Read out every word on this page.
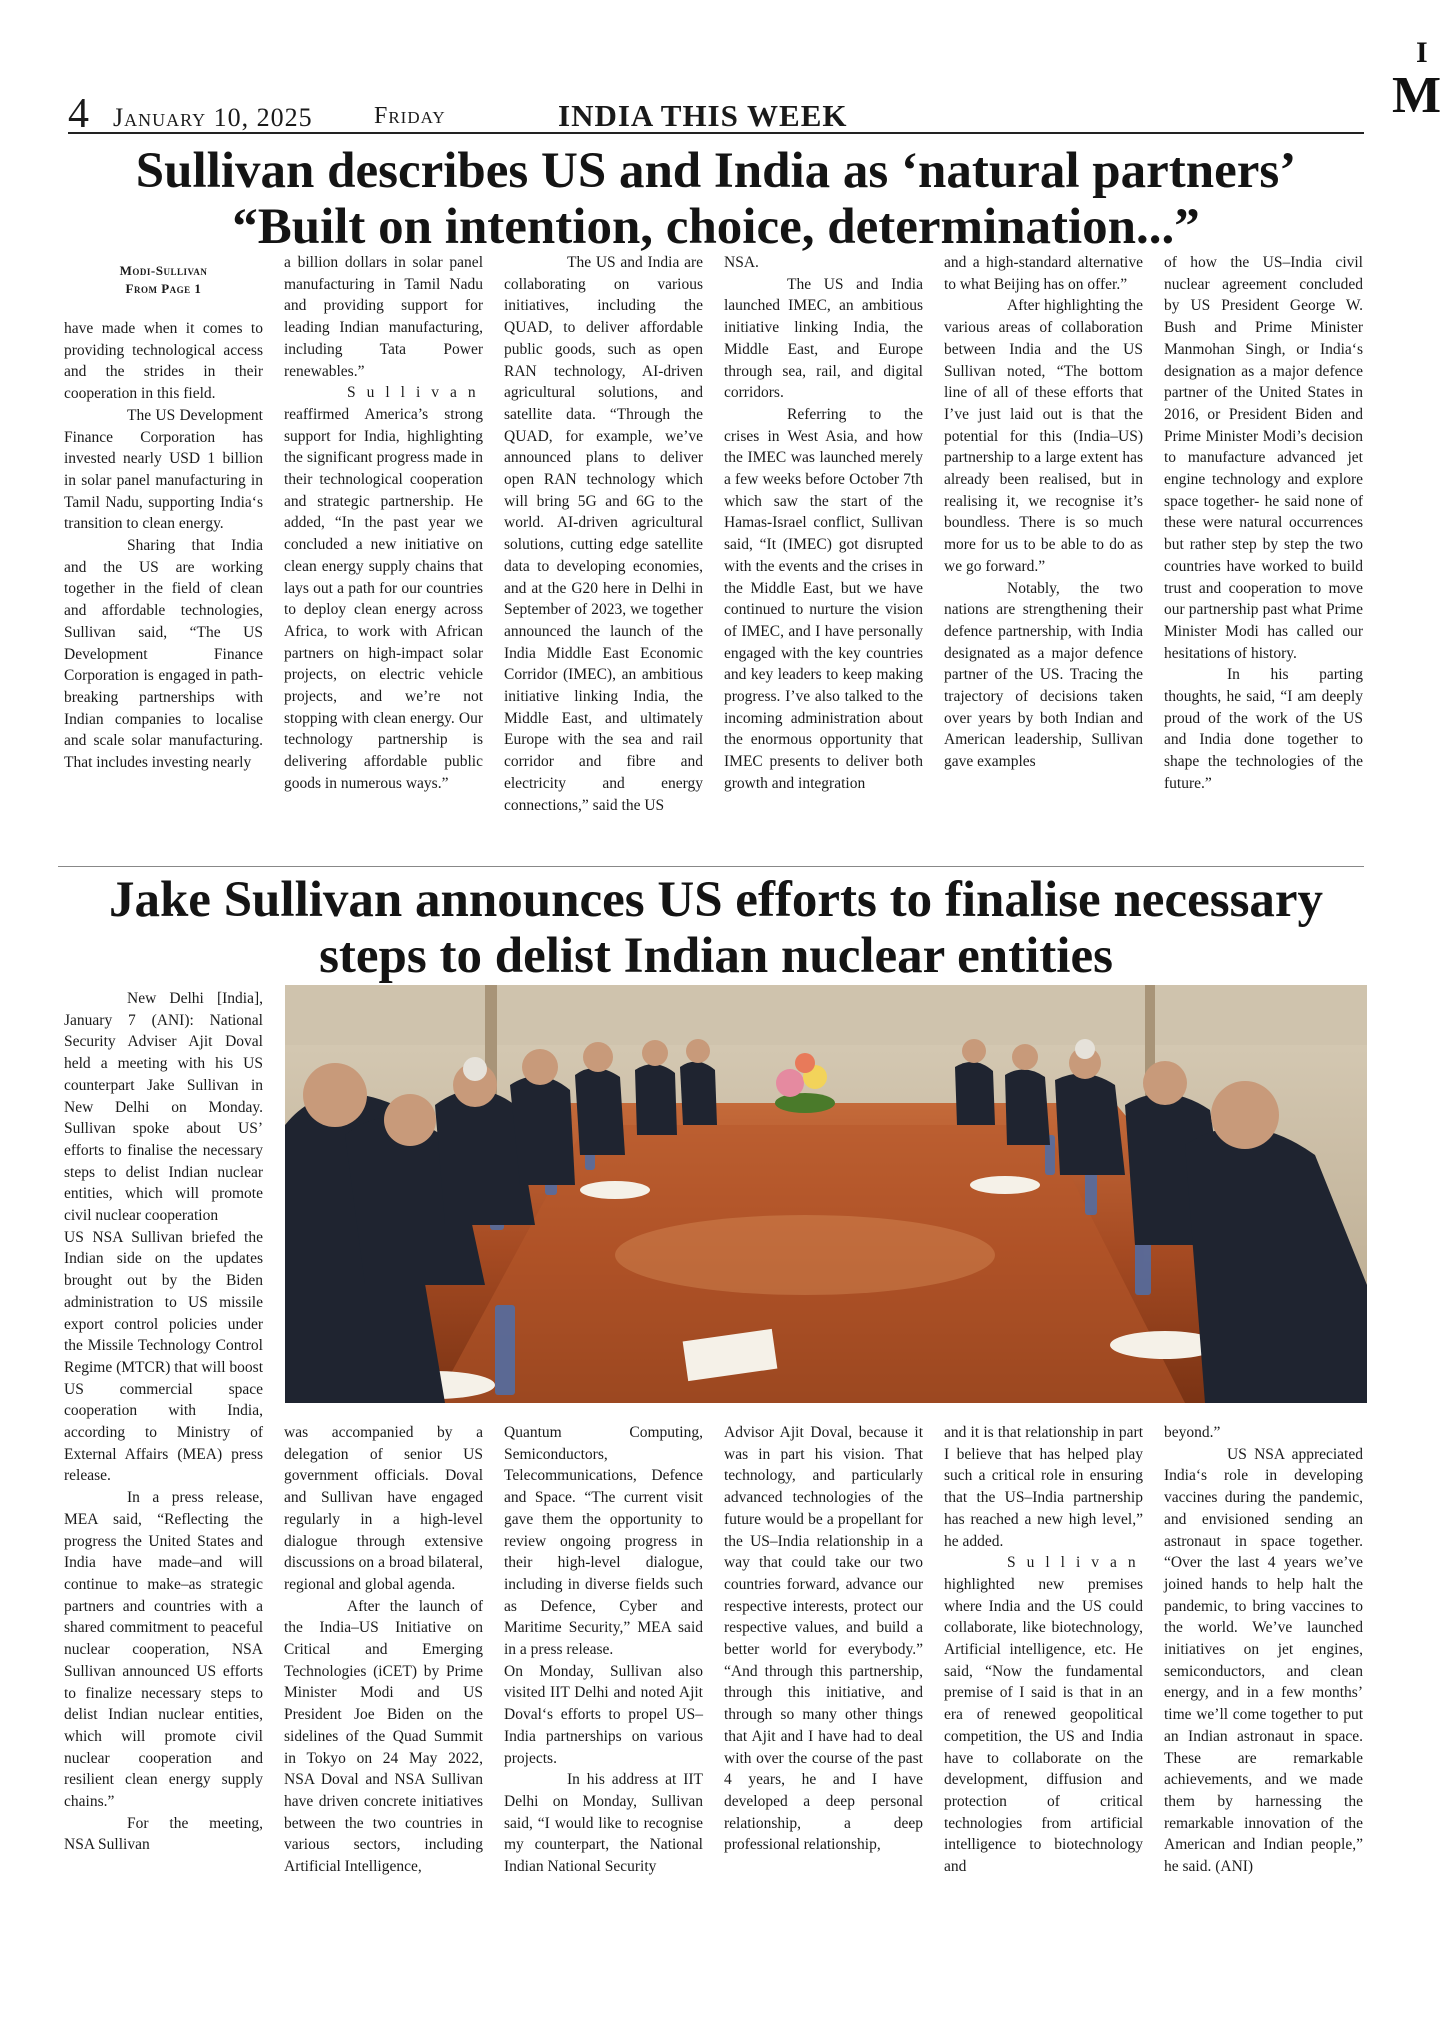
I
M
4 January 10, 2025	Friday	INDIA THIS WEEK
Sullivan describes US and India as ‘natural partners’
“Built on intention, choice, determination...”
Modi-Sullivan
From Page 1

have made when it comes to providing technological access and the strides in their cooperation in this field.

The US Development Finance Corporation has invested nearly USD 1 billion in solar panel manufacturing in Tamil Nadu, supporting India‘s transition to clean energy.

Sharing that India and the US are working together in the field of clean and affordable technologies, Sullivan said, “The US Development Finance Corporation is engaged in path-breaking partnerships with Indian companies to localise and scale solar manufacturing. That includes investing nearly

a billion dollars in solar panel manufacturing in Tamil Nadu and providing support for leading Indian manufacturing, including Tata Power renewables.”

Sullivan

reaffirmed America’s strong support for India, highlighting the significant progress made in their technological cooperation and strategic partnership. He added, “In the past year we concluded a new initiative on clean energy supply chains that lays out a path for our countries to deploy clean energy across Africa, to work with African partners on high-impact solar projects, on electric vehicle projects, and we’re not stopping with clean energy. Our technology partnership is delivering affordable public goods in numerous ways.”

The US and India are collaborating on various initiatives, including the QUAD, to deliver affordable public goods, such as open RAN technology, AI-driven agricultural solutions, and satellite data. “Through the QUAD, for example, we’ve announced plans to deliver open RAN technology which will bring 5G and 6G to the world. AI-driven agricultural solutions, cutting edge satellite data to developing economies, and at the G20 here in Delhi in September of 2023, we together announced the launch of the India Middle East Economic Corridor (IMEC), an ambitious initiative linking India, the Middle East, and ultimately Europe with the sea and rail corridor and fibre and electricity and energy connections,” said the US

NSA.

The US and India launched IMEC, an ambitious initiative linking India, the Middle East, and Europe through sea, rail, and digital corridors.

Referring to the crises in West Asia, and how the IMEC was launched merely a few weeks before October 7th which saw the start of the Hamas-Israel conflict, Sullivan said, “It (IMEC) got disrupted with the events and the crises in the Middle East, but we have continued to nurture the vision of IMEC, and I have personally engaged with the key countries and key leaders to keep making progress. I’ve also talked to the incoming administration about the enormous opportunity that IMEC presents to deliver both growth and integration

and a high-standard alternative to what Beijing has on offer.”

After highlighting the various areas of collaboration between India and the US Sullivan noted, “The bottom line of all of these efforts that I’ve just laid out is that the potential for this (India–US) partnership to a large extent has already been realised, but in realising it, we recognise it’s boundless. There is so much more for us to be able to do as we go forward.”

Notably, the two nations are strengthening their defence partnership, with India designated as a major defence partner of the US. Tracing the trajectory of decisions taken over years by both Indian and American leadership, Sullivan gave examples

of how the US–India civil nuclear agreement concluded by US President George W. Bush and Prime Minister Manmohan Singh, or India‘s designation as a major defence partner of the United States in 2016, or President Biden and Prime Minister Modi’s decision to manufacture advanced jet engine technology and explore space together- he said none of these were natural occurrences but rather step by step the two countries have worked to build trust and cooperation to move our partnership past what Prime Minister Modi has called our hesitations of history.

In his parting thoughts, he said, “I am deeply proud of the work of the US and India done together to shape the technologies of the future.”

Jake Sullivan announces US efforts to finalise necessary
steps to delist Indian nuclear entities

New Delhi [India], January 7 (ANI): National Security Adviser Ajit Doval held a meeting with his US counterpart Jake Sullivan in New Delhi on Monday. Sullivan spoke about US’ efforts to finalise the necessary steps to delist Indian nuclear entities, which will promote civil nuclear cooperation

US NSA Sullivan briefed the Indian side on the updates brought out by the Biden administration to US missile export control policies under the Missile Technology Control Regime (MTCR) that will boost US commercial space cooperation with India, according to Ministry of External Affairs (MEA) press release.

In a press release, MEA said, “Reflecting the progress the United States and India have made–and will continue to make–as strategic partners and countries with a shared commitment to peaceful nuclear cooperation, NSA Sullivan announced US efforts to finalize necessary steps to delist Indian nuclear entities, which will promote civil nuclear cooperation and resilient clean energy supply chains.”

For the meeting, NSA Sullivan

was accompanied by a delegation of senior US government officials. Doval and Sullivan have engaged regularly in a high-level dialogue through extensive discussions on a broad bilateral, regional and global agenda.

After the launch of the India–US Initiative on Critical and Emerging Technologies (iCET) by Prime Minister Modi and US President Joe Biden on the sidelines of the Quad Summit in Tokyo on 24 May 2022, NSA Doval and NSA Sullivan have driven concrete initiatives between the two countries in various sectors, including Artificial Intelligence,

Quantum Computing, Semiconductors, Telecommunications, Defence and Space. “The current visit gave them the opportunity to review ongoing progress in their high-level dialogue, including in diverse fields such as Defence, Cyber and Maritime Security,” MEA said in a press release.

On Monday, Sullivan also visited IIT Delhi and noted Ajit Doval‘s efforts to propel US–India partnerships on various projects.

In his address at IIT Delhi on Monday, Sullivan said, “I would like to recognise my counterpart, the National Indian National Security

Advisor Ajit Doval, because it was in part his vision. That technology, and particularly advanced technologies of the future would be a propellant for the US–India relationship in a way that could take our two countries forward, advance our respective interests, protect our respective values, and build a better world for everybody.” “And through this partnership, through this initiative, and through so many other things that Ajit and I have had to deal with over the course of the past 4 years, he and I have developed a deep personal relationship, a deep professional relationship,

and it is that relationship in part I believe that has helped play such a critical role in ensuring that the US–India partnership has reached a new high level,” he added.

Sullivan

highlighted new premises where India and the US could collaborate, like biotechnology, Artificial intelligence, etc. He said, “Now the fundamental premise of I said is that in an era of renewed geopolitical competition, the US and India have to collaborate on the development, diffusion and protection of critical technologies from artificial intelligence to biotechnology and

beyond.”

US NSA appreciated India‘s role in developing vaccines during the pandemic, and envisioned sending an astronaut in space together. “Over the last 4 years we’ve joined hands to help halt the pandemic, to bring vaccines to the world. We’ve launched initiatives on jet engines, semiconductors, and clean energy, and in a few months’ time we’ll come together to put an Indian astronaut in space. These are remarkable achievements, and we made them by harnessing the remarkable innovation of the American and Indian people,” he said. (ANI)
